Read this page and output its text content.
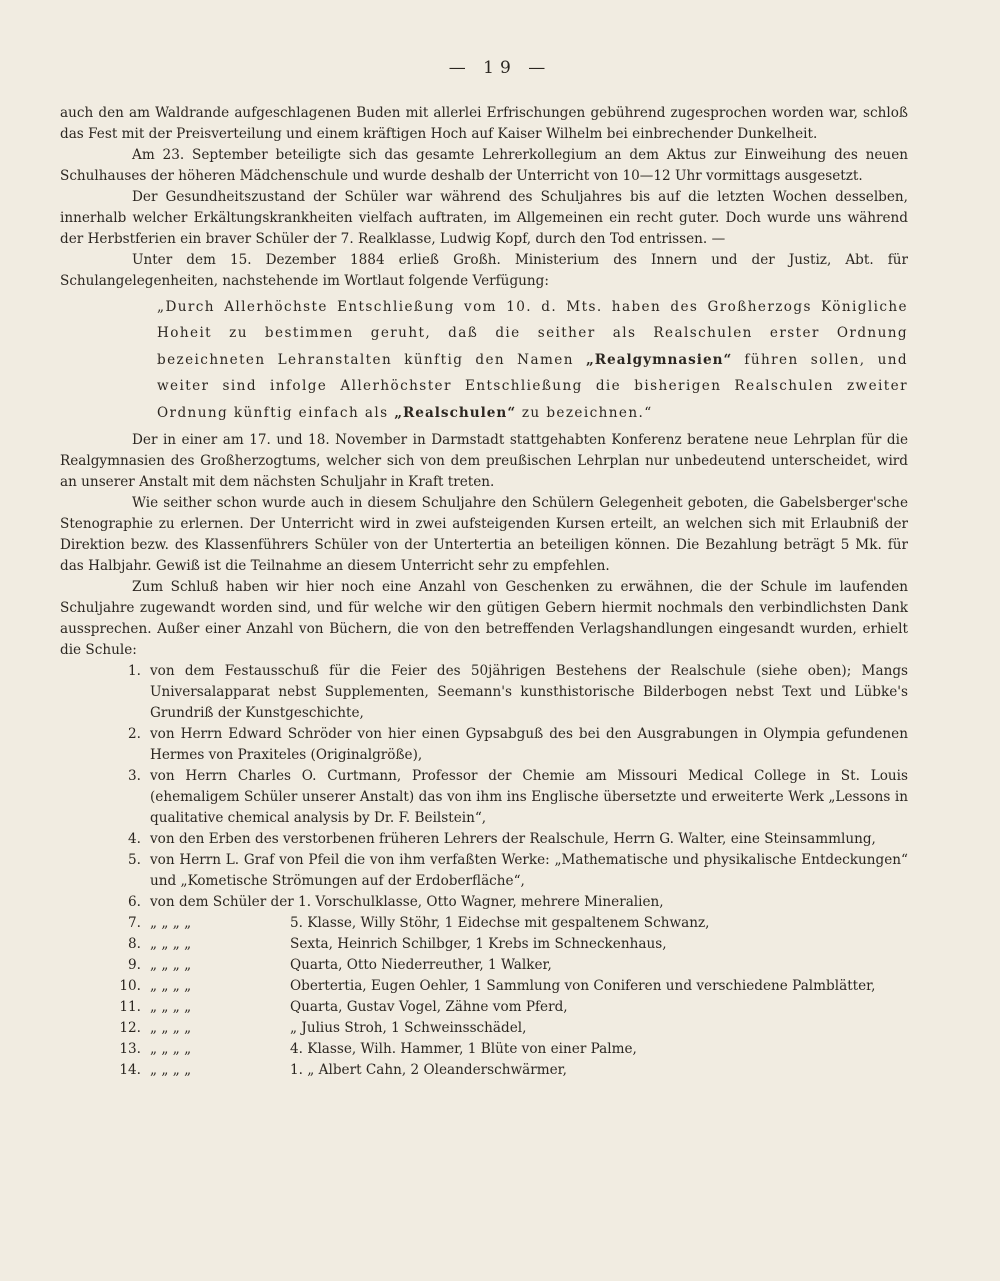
— 19 —

auch den am Waldrande aufgeschlagenen Buden mit allerlei Erfrischungen gebührend zugesprochen worden war, schloß das Fest mit der Preisverteilung und einem kräftigen Hoch auf Kaiser Wilhelm bei einbrechender Dunkelheit.

Am 23. September beteiligte sich das gesamte Lehrerkollegium an dem Aktus zur Einweihung des neuen Schulhauses der höheren Mädchenschule und wurde deshalb der Unterricht von 10—12 Uhr vormittags ausgesetzt.

Der Gesundheitszustand der Schüler war während des Schuljahres bis auf die letzten Wochen desselben, innerhalb welcher Erkältungskrankheiten vielfach auftraten, im Allgemeinen ein recht guter. Doch wurde uns während der Herbstferien ein braver Schüler der 7. Realklasse, Ludwig Kopf, durch den Tod entrissen. —

Unter dem 15. Dezember 1884 erließ Großh. Ministerium des Innern und der Justiz, Abt. für Schulangelegenheiten, nachstehende im Wortlaut folgende Verfügung:

„Durch Allerhöchste Entschließung vom 10. d. Mts. haben des Großherzogs Königliche Hoheit zu bestimmen geruht, daß die seither als Realschulen erster Ordnung bezeichneten Lehranstalten künftig den Namen „Realgymnasien“ führen sollen, und weiter sind infolge Allerhöchster Entschließung die bisherigen Realschulen zweiter Ordnung künftig einfach als „Realschulen“ zu bezeichnen.“

Der in einer am 17. und 18. November in Darmstadt stattgehabten Konferenz beratene neue Lehrplan für die Realgymnasien des Großherzogtums, welcher sich von dem preußischen Lehrplan nur unbedeutend unterscheidet, wird an unserer Anstalt mit dem nächsten Schuljahr in Kraft treten.

Wie seither schon wurde auch in diesem Schuljahre den Schülern Gelegenheit geboten, die Gabelsberger'sche Stenographie zu erlernen. Der Unterricht wird in zwei aufsteigenden Kursen erteilt, an welchen sich mit Erlaubniß der Direktion bezw. des Klassenführers Schüler von der Untertertia an beteiligen können. Die Bezahlung beträgt 5 Mk. für das Halbjahr. Gewiß ist die Teilnahme an diesem Unterricht sehr zu empfehlen.

Zum Schluß haben wir hier noch eine Anzahl von Geschenken zu erwähnen, die der Schule im laufenden Schuljahre zugewandt worden sind, und für welche wir den gütigen Gebern hiermit nochmals den verbindlichsten Dank aussprechen. Außer einer Anzahl von Büchern, die von den betreffenden Verlagshandlungen eingesandt wurden, erhielt die Schule:

1. von dem Festausschuß für die Feier des 50jährigen Bestehens der Realschule (siehe oben); Mangs Universalapparat nebst Supplementen, Seemann's kunsthistorische Bilderbogen nebst Text und Lübke's Grundriß der Kunstgeschichte,
2. von Herrn Edward Schröder von hier einen Gypsabguß des bei den Ausgrabungen in Olympia gefundenen Hermes von Praxiteles (Originalgröße),
3. von Herrn Charles O. Curtmann, Professor der Chemie am Missouri Medical College in St. Louis (ehemaligem Schüler unserer Anstalt) das von ihm ins Englische übersetzte und erweiterte Werk „Lessons in qualitative chemical analysis by Dr. F. Beilstein“,
4. von den Erben des verstorbenen früheren Lehrers der Realschule, Herrn G. Walter, eine Steinsammlung,
5. von Herrn L. Graf von Pfeil die von ihm verfaßten Werke: „Mathematische und physikalische Entdeckungen“ und „Kometische Strömungen auf der Erdoberfläche“,
6. von dem Schüler der 1. Vorschulklasse, Otto Wagner, mehrere Mineralien,
7. „ „ „ „	5. Klasse, Willy Stöhr, 1 Eidechse mit gespaltenem Schwanz,
8. „ „ „ „	Sexta, Heinrich Schilbger, 1 Krebs im Schneckenhaus,
9. „ „ „ „	Quarta, Otto Niederreuther, 1 Walker,
10. „ „ „ „	Obertertia, Eugen Oehler, 1 Sammlung von Coniferen und verschiedene Palmblätter,
11. „ „ „ „	Quarta, Gustav Vogel, Zähne vom Pferd,
12. „ „ „ „	„ Julius Stroh, 1 Schweinsschädel,
13. „ „ „ „	4. Klasse, Wilh. Hammer, 1 Blüte von einer Palme,
14. „ „ „ „	1. „ Albert Cahn, 2 Oleanderschwärmer,
